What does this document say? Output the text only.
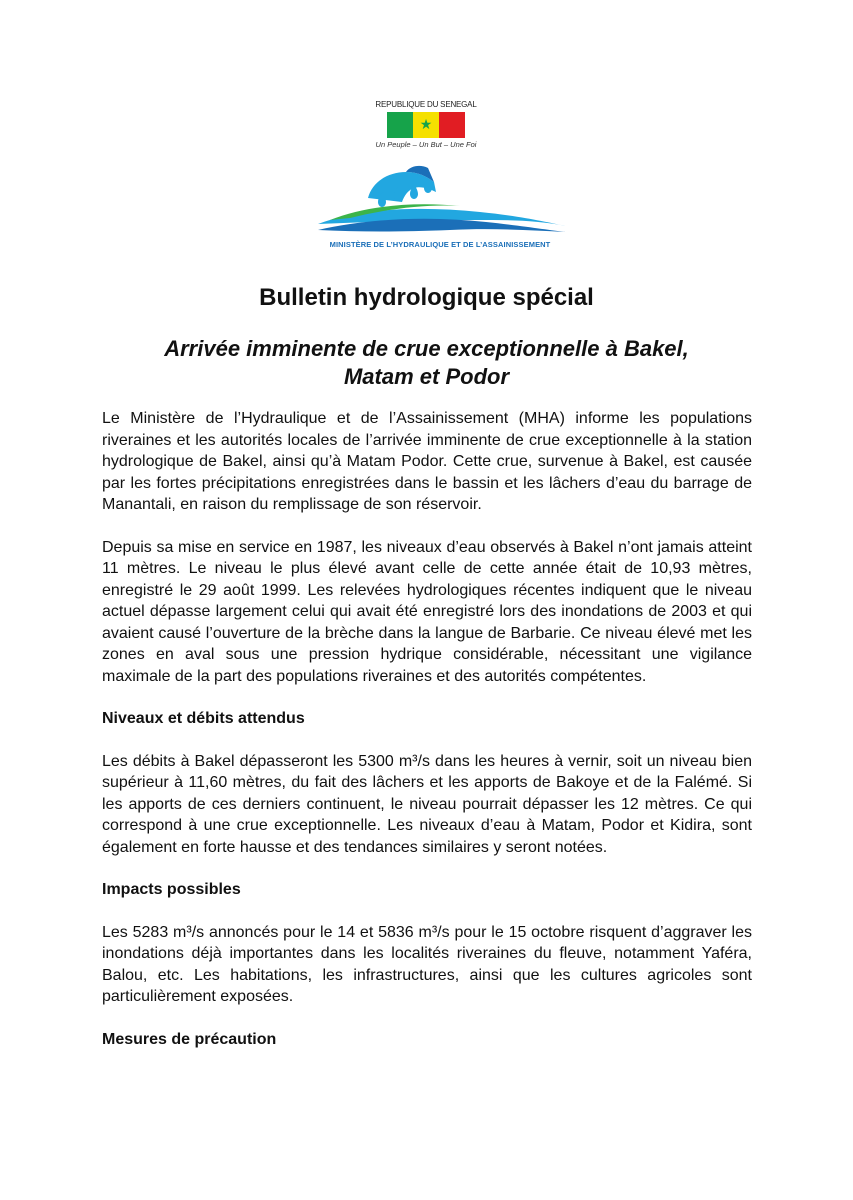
REPUBLIQUE DU SENEGAL
★
Un Peuple – Un But – Une Foi
MINISTÈRE DE L’HYDRAULIQUE ET DE L’ASSAINISSEMENT
Bulletin hydrologique spécial
Arrivée imminente de crue exceptionnelle à Bakel,
Matam et Podor

Le Ministère de l’Hydraulique et de l’Assainissement (MHA) informe les populations riveraines et les autorités locales de l’arrivée imminente de crue exceptionnelle à la station hydrologique de Bakel, ainsi qu’à Matam Podor. Cette crue, survenue à Bakel, est causée par les fortes précipitations enregistrées dans le bassin et les lâchers d’eau du barrage de Manantali, en raison du remplissage de son réservoir.

Depuis sa mise en service en 1987, les niveaux d’eau observés à Bakel n’ont jamais atteint 11 mètres. Le niveau le plus élevé avant celle de cette année était de 10,93 mètres, enregistré le 29 août 1999. Les relevées hydrologiques récentes indiquent que le niveau actuel dépasse largement celui qui avait été enregistré lors des inondations de 2003 et qui avaient causé l’ouverture de la brèche dans la langue de Barbarie. Ce niveau élevé met les zones en aval sous une pression hydrique considérable, nécessitant une vigilance maximale de la part des populations riveraines et des autorités compétentes.

Niveaux et débits attendus

Les débits à Bakel dépasseront les 5300 m³/s dans les heures à vernir, soit un niveau bien supérieur à 11,60 mètres, du fait des lâchers et les apports de Bakoye et de la Falémé. Si les apports de ces derniers continuent, le niveau pourrait dépasser les 12 mètres. Ce qui correspond à une crue exceptionnelle. Les niveaux d’eau à Matam, Podor et Kidira, sont également en forte hausse et des tendances similaires y seront notées.

Impacts possibles

Les 5283 m³/s annoncés pour le 14 et 5836 m³/s pour le 15 octobre risquent d’aggraver les inondations déjà importantes dans les localités riveraines du fleuve, notamment Yaféra, Balou, etc. Les habitations, les infrastructures, ainsi que les cultures agricoles sont particulièrement exposées.

Mesures de précaution
